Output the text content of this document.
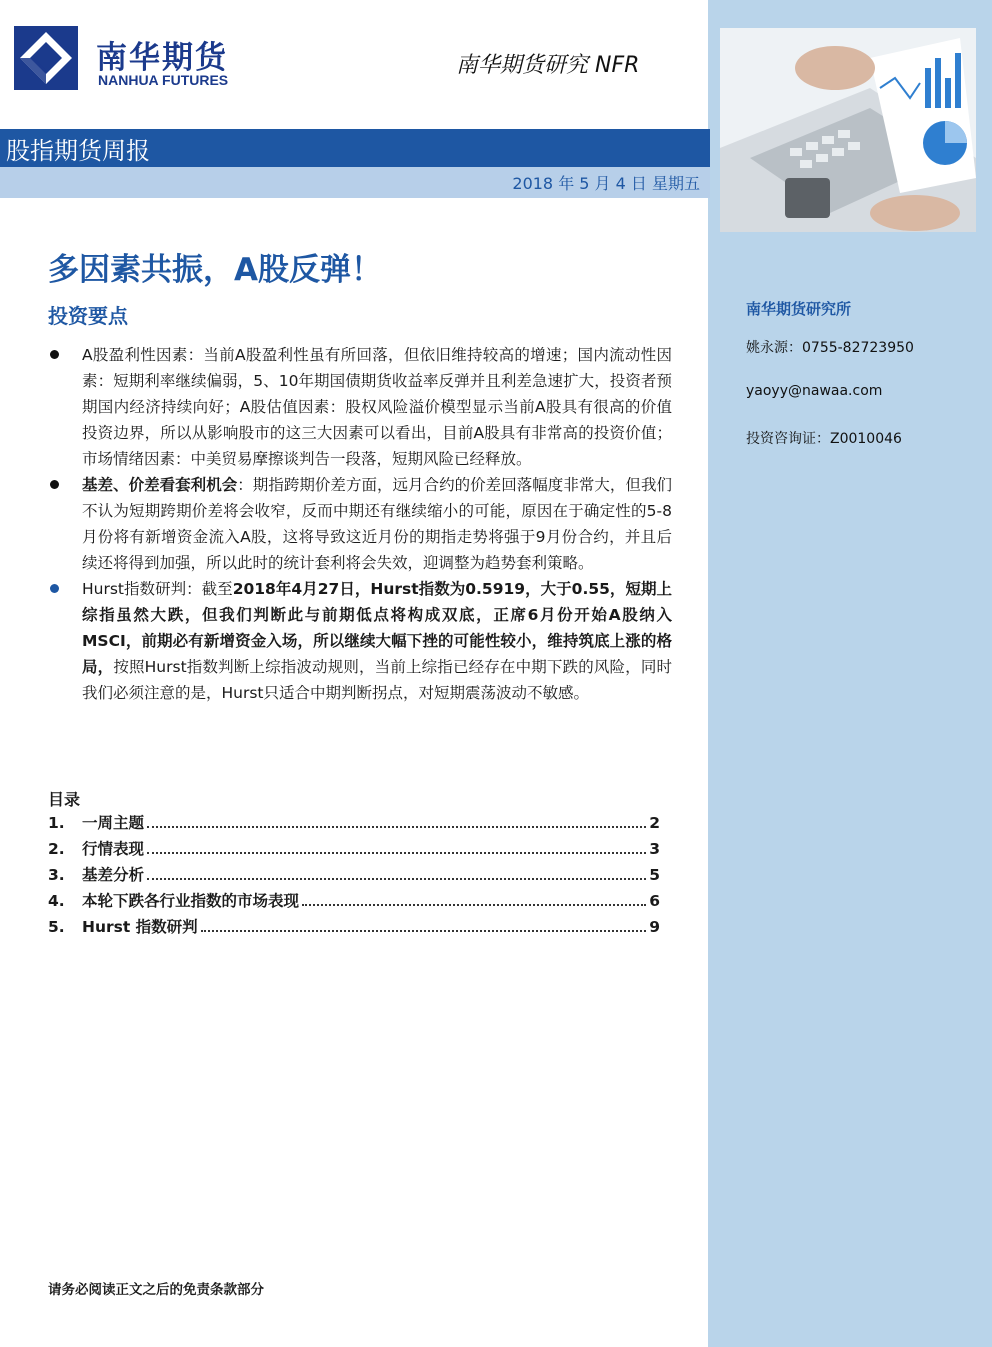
南华期货
NANHUA FUTURES
南华期货研究 NFR
股指期货周报
2018 年 5 月 4 日 星期五
多因素共振，A股反弹！
投资要点
A股盈利性因素：当前A股盈利性虽有所回落，但依旧维持较高的增速；国内流动性因素：短期利率继续偏弱，5、10年期国债期货收益率反弹并且利差急速扩大，投资者预期国内经济持续向好；A股估值因素：股权风险溢价模型显示当前A股具有很高的价值投资边界，所以从影响股市的这三大因素可以看出，目前A股具有非常高的投资价值；市场情绪因素：中美贸易摩擦谈判告一段落，短期风险已经释放。
基差、价差看套利机会：期指跨期价差方面，远月合约的价差回落幅度非常大，但我们不认为短期跨期价差将会收窄，反而中期还有继续缩小的可能，原因在于确定性的5-8月份将有新增资金流入A股，这将导致这近月份的期指走势将强于9月份合约，并且后续还将得到加强，所以此时的统计套利将会失效，迎调整为趋势套利策略。
Hurst指数研判：截至2018年4月27日，Hurst指数为0.5919，大于0.55，短期上综指虽然大跌，但我们判断此与前期低点将构成双底，正席6月份开始A股纳入MSCI，前期必有新增资金入场，所以继续大幅下挫的可能性较小，维持筑底上涨的格局，按照Hurst指数判断上综指波动规则，当前上综指已经存在中期下跌的风险，同时我们必须注意的是，Hurst只适合中期判断拐点，对短期震荡波动不敏感。
目录
1.	一周主题	2
2.	行情表现	3
3.	基差分析	5
4.	本轮下跌各行业指数的市场表现	6
5.	Hurst 指数研判	9
请务必阅读正文之后的免责条款部分
南华期货研究所
姚永源：0755-82723950
yaoyy@nawaa.com
投资咨询证：Z0010046
